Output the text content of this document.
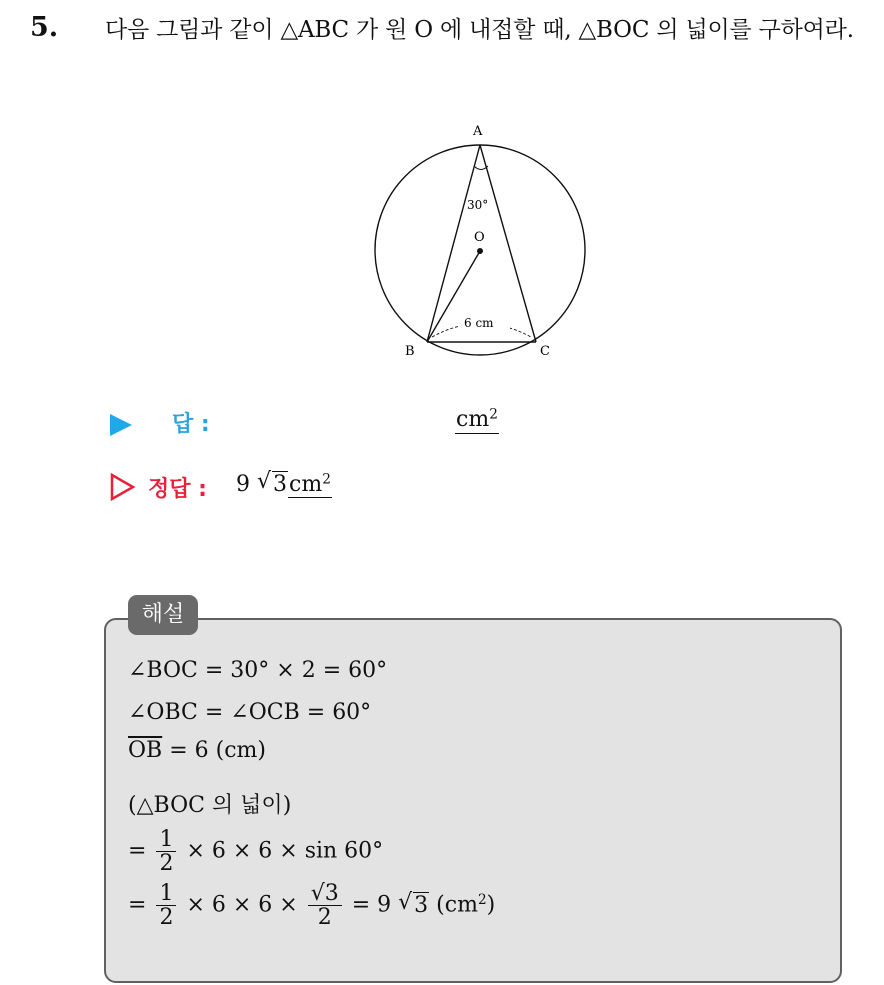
5. 다음 그림과 같이 △ABC 가 원 O 에 내접할 때, △BOC 의 넓이를 구하여라.
A
B	C
O
30°
6 cm
답 :	$cm^2$
정답 : 9 √ $3cm^2$
해설
∠BOC = 30° × 2 = 60°
∠OBC = ∠OCB = 60°
$\overline{OB} = 6$ (cm)
(△BOC 의 넓이)
= $\frac{1}{2} \times 6 \times 6 \times \sin 60^\circ$
= $\frac{1}{2} \times 6 \times 6 \times \frac{√3}{2} = 9$ √ 3 $(cm^2)$
